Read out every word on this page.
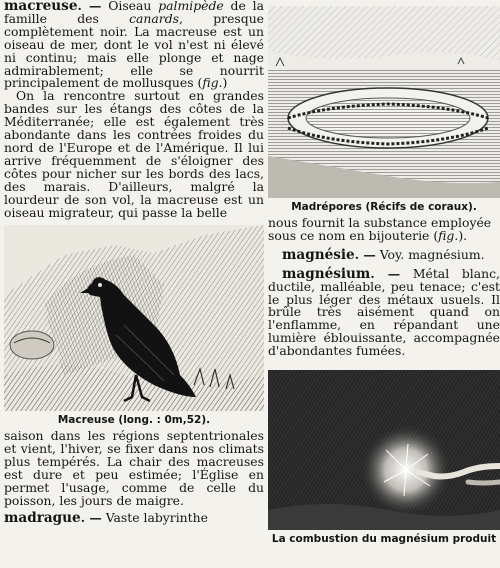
macreuse. — Oiseau palmipède de la famille des canards, presque complètement noir. La macreuse est un oiseau de mer, dont le vol n'est ni élevé ni continu; mais elle plonge et nage admirablement; elle se nourrit principalement de mollusques (fig.)

On la rencontre surtout en grandes bandes sur les étangs des côtes de la Méditerranée; elle est également très abondante dans les contrées froides du nord de l'Europe et de l'Amérique. Il lui arrive fréquemment de s'éloigner des côtes pour nicher sur les bords des lacs, des marais. D'ailleurs, malgré la lourdeur de son vol, la macreuse est un oiseau migrateur, qui passe la belle

Macreuse (long. : 0m,52).

saison dans les régions septentrionales et vient, l'hiver, se fixer dans nos climats plus tempérés. La chair des macreuses est dure et peu estimée; l'Église en permet l'usage, comme de celle du poisson, les jours de maigre.

madrague. — Vaste labyrinthe

Madrépores (Récifs de coraux).

nous fournit la substance employée sous ce nom en bijouterie (fig.).

magnésie. — Voy. magnésium.

magnésium. — Métal blanc, ductile, malléable, peu tenace; c'est le plus léger des métaux usuels. Il brûle très aisément quand on l'enflamme, en répandant une lumière éblouissante, accompagnée d'abondantes fumées.

La combustion du magnésium produit
